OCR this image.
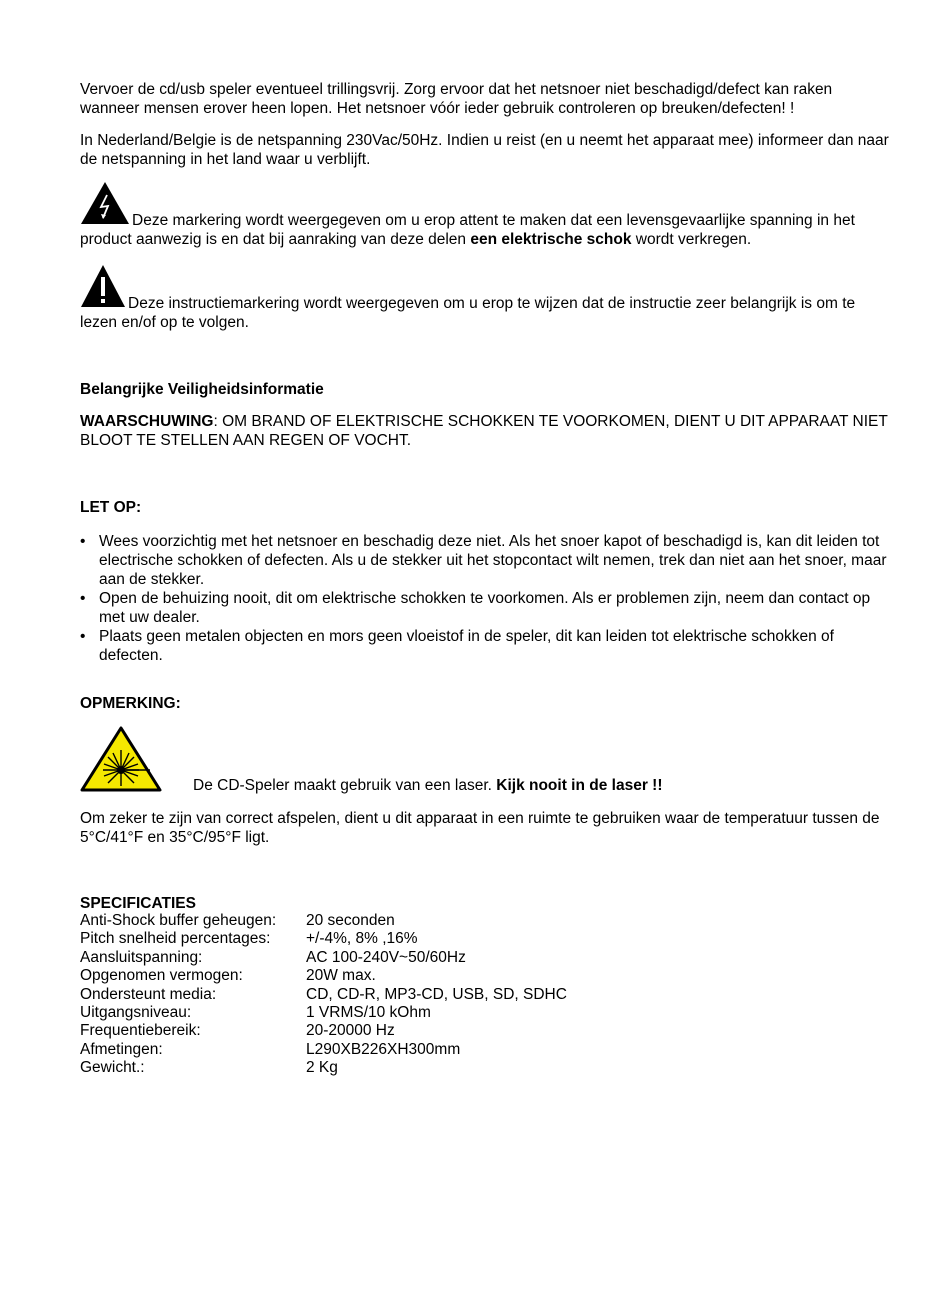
Vervoer de cd/usb speler eventueel trillingsvrij. Zorg ervoor dat het netsnoer niet beschadigd/defect kan raken wanneer mensen erover heen lopen. Het netsnoer vóór ieder gebruik controleren op breuken/defecten! !

In Nederland/Belgie is de netspanning 230Vac/50Hz. Indien u reist (en u neemt het apparaat mee) informeer dan naar de netspanning in het land waar u verblijft.

Deze markering wordt weergegeven om u erop attent te maken dat een levensgevaarlijke spanning in het product aanwezig is en dat bij aanraking van deze delen een elektrische schok wordt verkregen.

Deze instructiemarkering wordt weergegeven om u erop te wijzen dat de instructie zeer belangrijk is om te lezen en/of op te volgen.

Belangrijke Veiligheidsinformatie

WAARSCHUWING: OM BRAND OF ELEKTRISCHE SCHOKKEN TE VOORKOMEN, DIENT U DIT APPARAAT NIET BLOOT TE STELLEN AAN REGEN OF VOCHT.

LET OP:

• Wees voorzichtig met het netsnoer en beschadig deze niet. Als het snoer kapot of beschadigd is, kan dit leiden tot electrische schokken of defecten. Als u de stekker uit het stopcontact wilt nemen, trek dan niet aan het snoer, maar aan de stekker.
• Open de behuizing nooit, dit om elektrische schokken te voorkomen. Als er problemen zijn, neem dan contact op met uw dealer.
• Plaats geen metalen objecten en mors geen vloeistof in de speler, dit kan leiden tot elektrische schokken of defecten.

OPMERKING:

De CD-Speler maakt gebruik van een laser. Kijk nooit in de laser !!

Om zeker te zijn van correct afspelen, dient u dit apparaat in een ruimte te gebruiken waar de temperatuur tussen de 5°C/41°F en 35°C/95°F ligt.

SPECIFICATIES

Anti-Shock buffer geheugen:	20 seconden
Pitch snelheid percentages:	+/-4%, 8% ,16%
Aansluitspanning:	AC 100-240V~50/60Hz
Opgenomen vermogen:	20W max.
Ondersteunt media:	CD, CD-R, MP3-CD, USB, SD, SDHC
Uitgangsniveau:	1 VRMS/10 kOhm
Frequentiebereik:	20-20000 Hz
Afmetingen:	L290XB226XH300mm
Gewicht.:	2 Kg
